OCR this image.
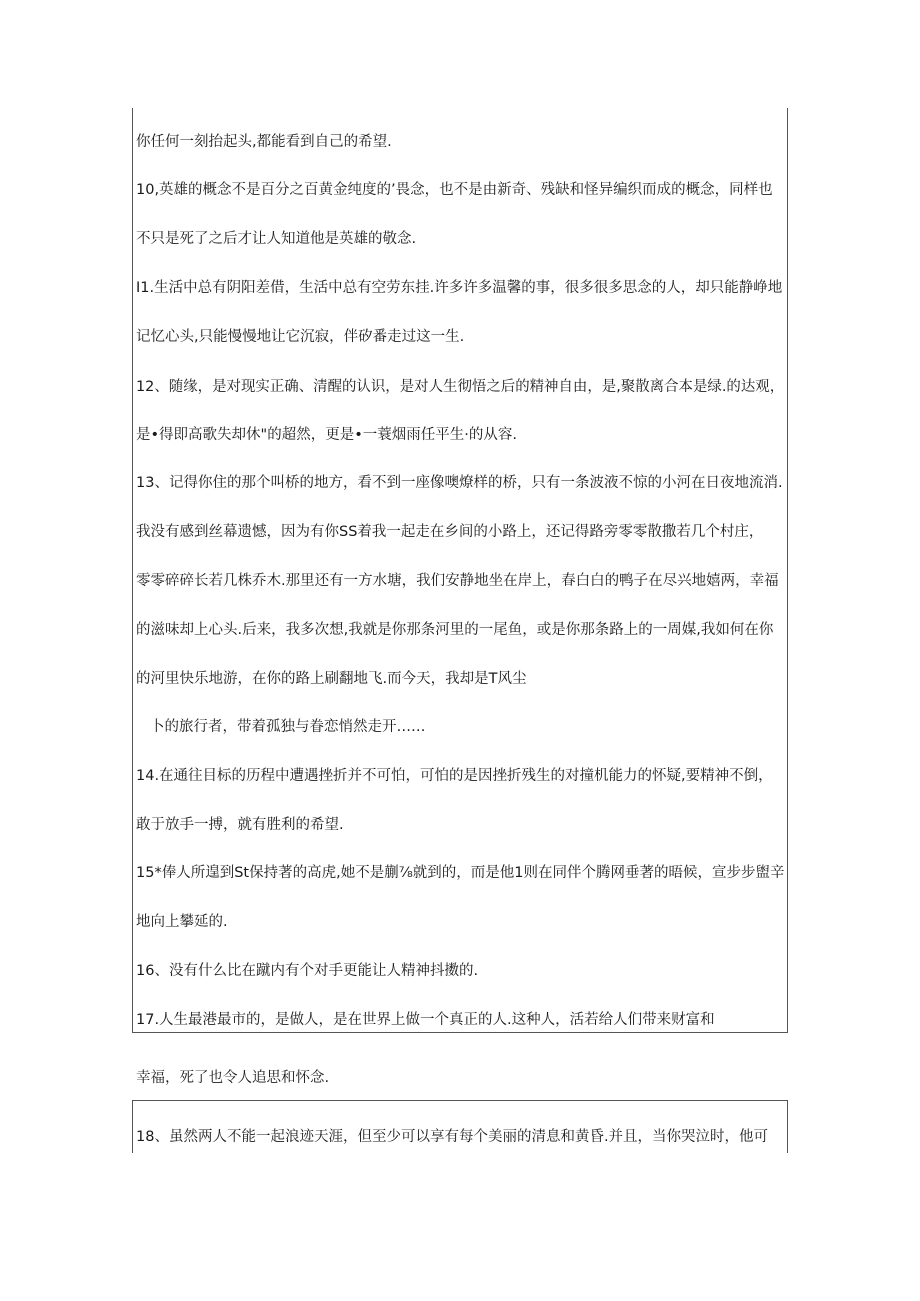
你任何一刻抬起头,都能看到自己的希望.
10,英雄的概念不是百分之百黄金纯度的’畏念，也不是由新奇、残缺和怪异编织而成的概念，同样也
不只是死了之后才让人知道他是英雄的敬念.
I1.生活中总有阴阳差借，生活中总有空劳东挂.许多许多温馨的事，很多很多思念的人，却只能静峥地
记忆心头,只能慢慢地让它沉寂，伴矽番走过这一生.
12、随缘，是对现实正确、清醒的认识，是对人生彻悟之后的精神自由，是,聚散离合本是绿.的达观，
是•得即高歌失却休"的超然，更是•一蓑烟雨任平生·的从容.
13、记得你住的那个叫桥的地方，看不到一座像噢燎样的桥，只有一条波液不惊的小河在日夜地流消.
我没有感到丝幕遗憾，因为有你SS着我一起走在乡间的小路上，还记得路旁零零散撒若几个村庄，
零零碎碎长若几株乔木.那里还有一方水塘，我们安静地坐在岸上，春白白的鸭子在尽兴地嬉两，幸福
的滋味却上心头.后来，我多次想,我就是你那条河里的一尾鱼，或是你那条路上的一周媒,我如何在你
的河里快乐地游，在你的路上刷翻地飞.而今天，我却是T风尘
卜的旅行者，带着孤独与眷恋悄然走开……
14.在通往目标的历程中遭遇挫折并不可怕，可怕的是因挫折残生的对撞机能力的怀疑,要精神不倒，
敢于放手一搏，就有胜利的希望.
15*俸人所遑到St保持著的高虎,她不是蒯⅞就到的，而是他1则在同伴个腾网垂著的晤候，宣步步盥辛
地向上攀延的.
16、没有什么比在蹴内有个对手更能让人精神抖擞的.
17.人生最港最市的，是做人，是在世界上做一个真正的人.这种人，活若给人们带来财富和
幸福，死了也令人追思和怀念.
18、虽然两人不能一起浪迹天涯，但至少可以享有每个美丽的清息和黄昏.并且，当你哭泣时，他可
